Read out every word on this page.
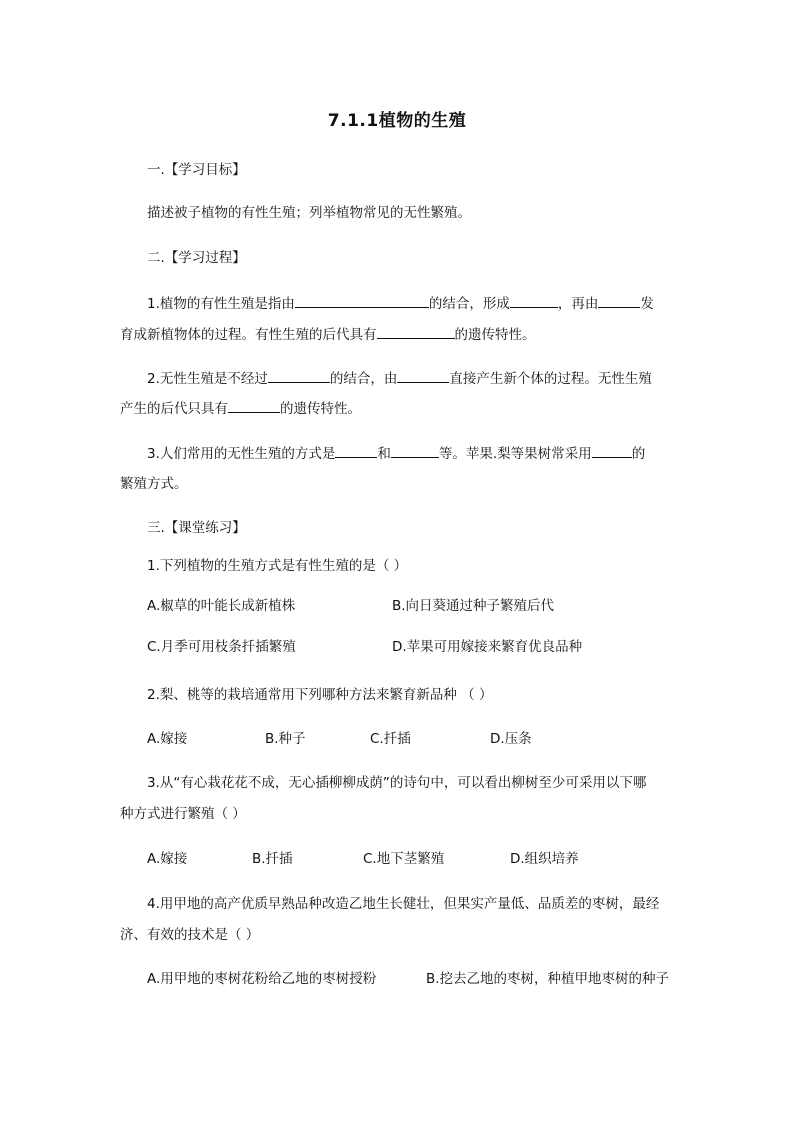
7.1.1植物的生殖
一.【学习目标】
描述被子植物的有性生殖；列举植物常见的无性繁殖。
二.【学习过程】
1.植物的有性生殖是指由	的结合，形成	，再由	发
育成新植物体的过程。有性生殖的后代具有	的遗传特性。
2.无性生殖是不经过	的结合，由	直接产生新个体的过程。无性生殖
产生的后代只具有	的遗传特性。
3.人们常用的无性生殖的方式是	和	等。苹果.梨等果树常采用	的
繁殖方式。
三.【课堂练习】
1.下列植物的生殖方式是有性生殖的是（ ）
A.椒草的叶能长成新植株	B.向日葵通过种子繁殖后代
C.月季可用枝条扦插繁殖	D.苹果可用嫁接来繁育优良品种
2.梨、桃等的栽培通常用下列哪种方法来繁育新品种 （ ）
A.嫁接	B.种子	C.扦插	D.压条
3.从“有心栽花花不成，无心插柳柳成荫”的诗句中，可以看出柳树至少可采用以下哪
种方式进行繁殖（ ）
A.嫁接	B.扦插	C.地下茎繁殖	D.组织培养
4.用甲地的高产优质早熟品种改造乙地生长健壮，但果实产量低、品质差的枣树，最经
济、有效的技术是（ ）
A.用甲地的枣树花粉给乙地的枣树授粉	B.挖去乙地的枣树，种植甲地枣树的种子
